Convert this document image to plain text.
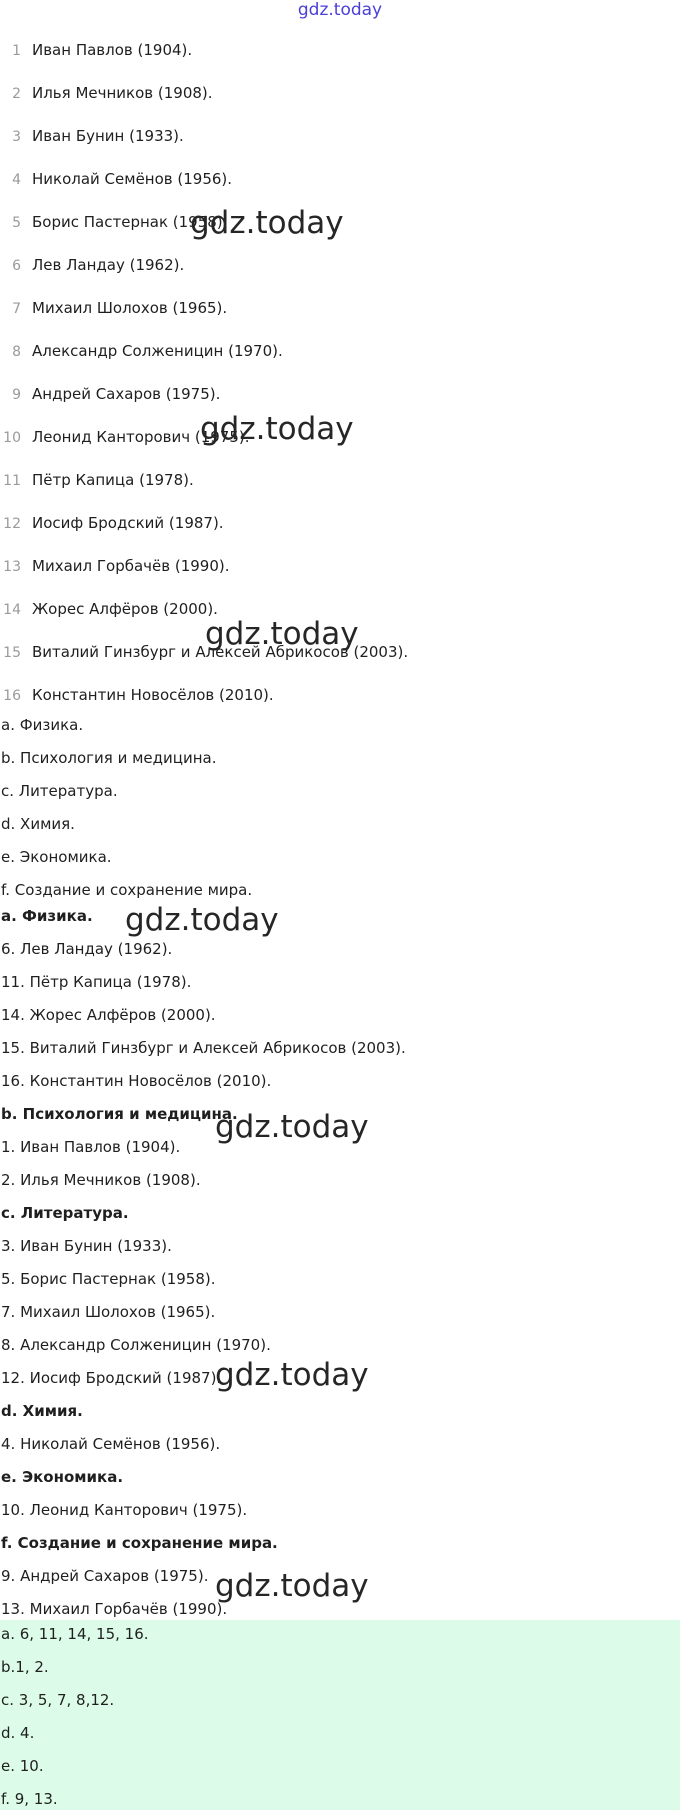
gdz.today
1 Иван Павлов (1904).
2 Илья Мечников (1908).
3 Иван Бунин (1933).
4 Николай Семёнов (1956).
5 Борис Пастернак (1958).
6 Лев Ландау (1962).
7 Михаил Шолохов (1965).
8 Александр Солженицин (1970).
9 Андрей Сахаров (1975).
10 Леонид Канторович (1975).
11 Пётр Капица (1978).
12 Иосиф Бродский (1987).
13 Михаил Горбачёв (1990).
14 Жорес Алфёров (2000).
15 Виталий Гинзбург и Алексей Абрикосов (2003).
16 Константин Новосёлов (2010).
a. Физика.
b. Психология и медицина.
c. Литература.
d. Химия.
e. Экономика.
f. Создание и сохранение мира.
a. Физика.
6. Лев Ландау (1962).
11. Пётр Капица (1978).
14. Жорес Алфёров (2000).
15. Виталий Гинзбург и Алексей Абрикосов (2003).
16. Константин Новосёлов (2010).
b. Психология и медицина.
1. Иван Павлов (1904).
2. Илья Мечников (1908).
c. Литература.
3. Иван Бунин (1933).
5. Борис Пастернак (1958).
7. Михаил Шолохов (1965).
8. Александр Солженицин (1970).
12. Иосиф Бродский (1987).
d. Химия.
4. Николай Семёнов (1956).
e. Экономика.
10. Леонид Канторович (1975).
f. Создание и сохранение мира.
9. Андрей Сахаров (1975).
13. Михаил Горбачёв (1990).
a. 6, 11, 14, 15, 16.
b.1, 2.
c. 3, 5, 7, 8,12.
d. 4.
e. 10.
f. 9, 13.
gdz.today
gdz.today
gdz.today
gdz.today
gdz.today
gdz.today
gdz.today
